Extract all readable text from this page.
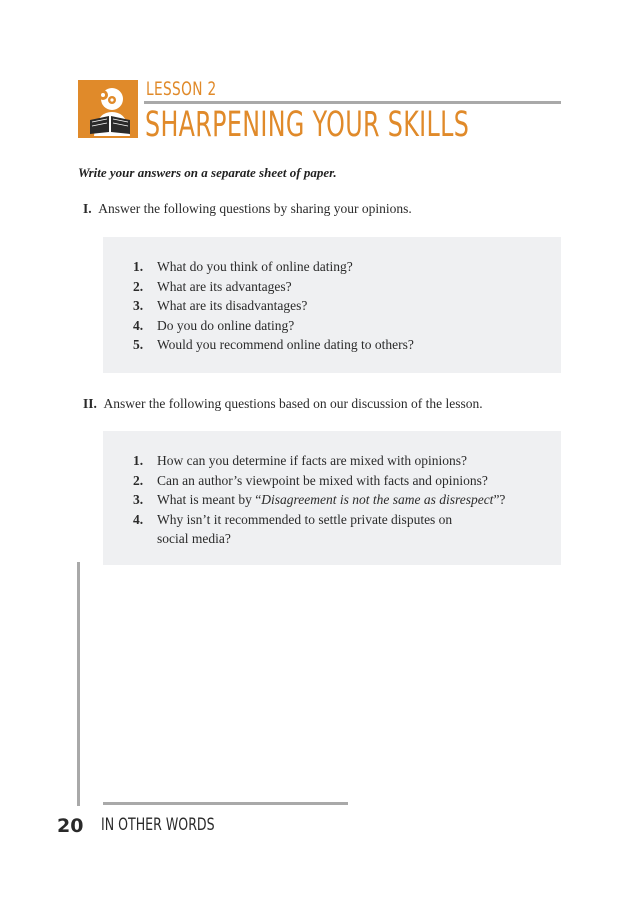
LESSON 2
SHARPENING YOUR SKILLS
Write your answers on a separate sheet of paper.
I. Answer the following questions by sharing your opinions.
1. What do you think of online dating?
2. What are its advantages?
3. What are its disadvantages?
4. Do you do online dating?
5. Would you recommend online dating to others?
II. Answer the following questions based on our discussion of the lesson.
1. How can you determine if facts are mixed with opinions?
2. Can an author’s viewpoint be mixed with facts and opinions?
3. What is meant by “Disagreement is not the same as disrespect”?
4. Why isn’t it recommended to settle private disputes on social media?
20 IN OTHER WORDS
